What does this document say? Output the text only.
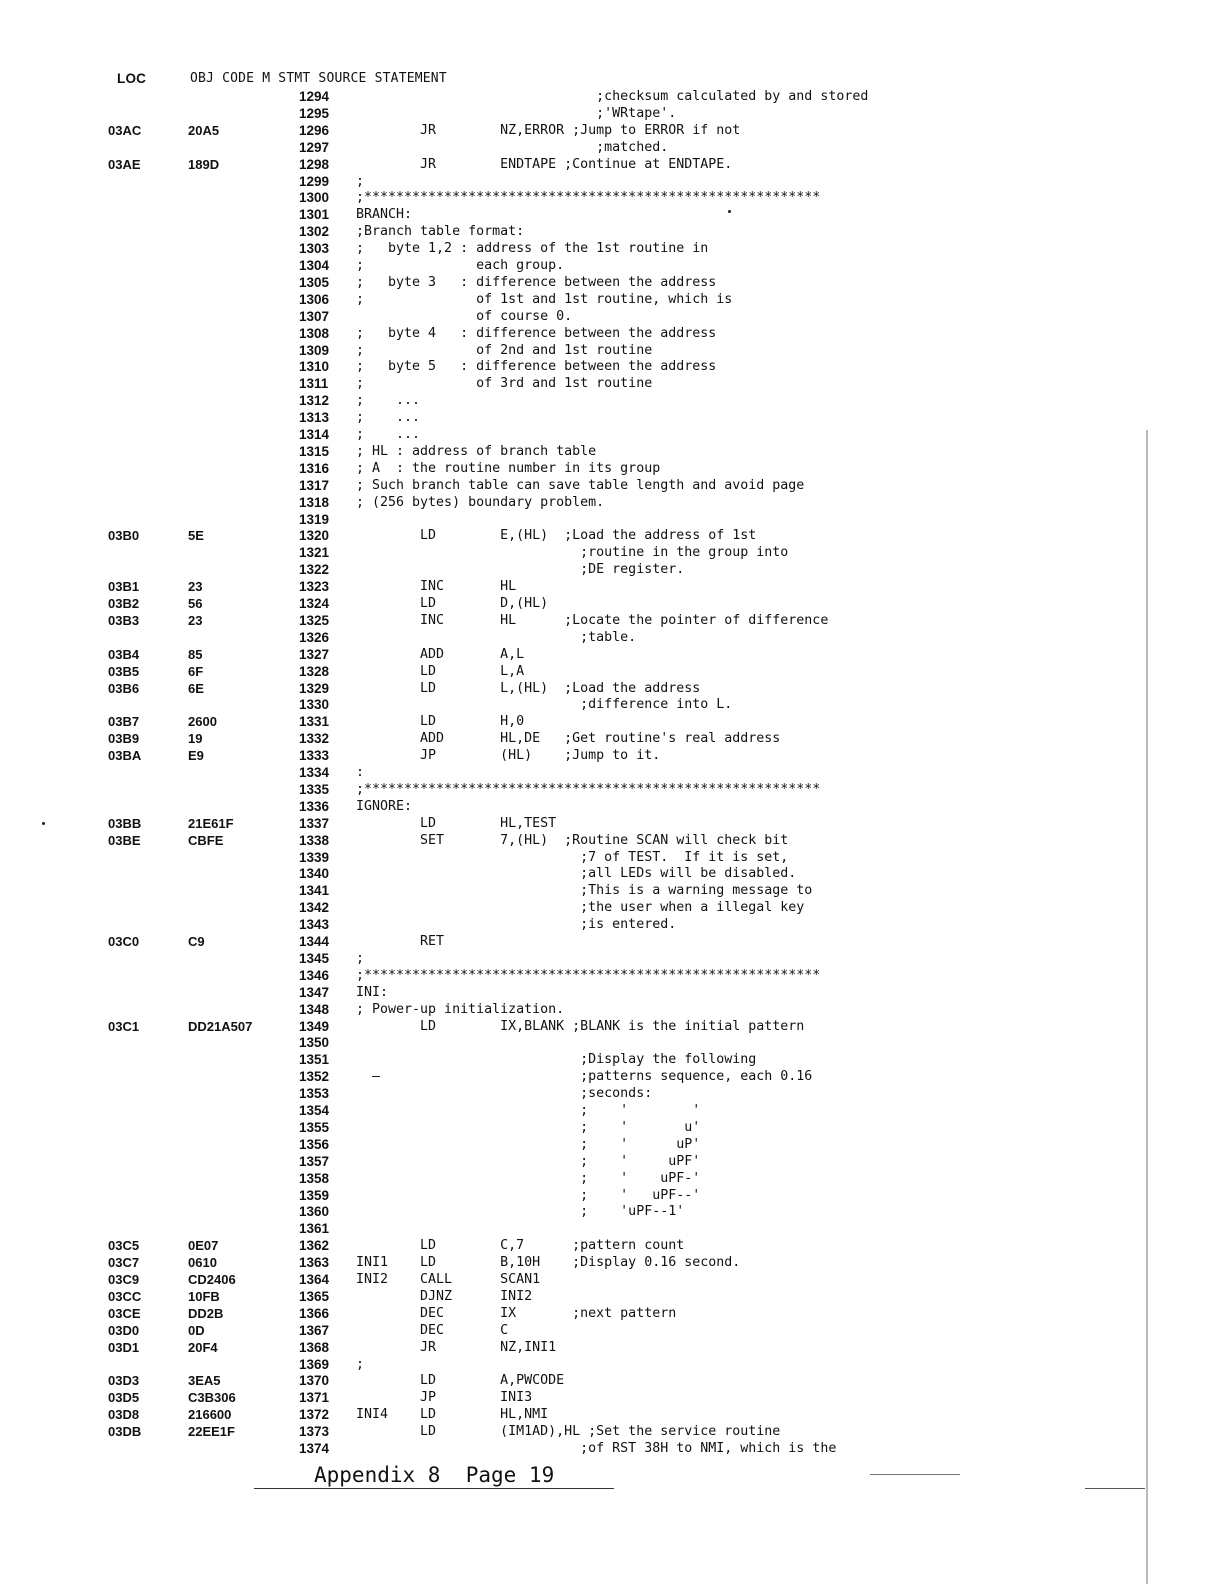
LOC	OBJ CODE M STMT SOURCE STATEMENT
1294 ;checksum calculated by and stored
1295 ;'WRtape'.
03AC	20A5	1296 JR        NZ,ERROR ;Jump to ERROR if not
1297 ;matched.
03AE	189D	1298 JR        ENDTAPE ;Continue at ENDTAPE.
1299 ;
1300 ;*********************************************************
1301 BRANCH:
1302 ;Branch table format:
1303 ;   byte 1,2 : address of the 1st routine in
1304 ;              each group.
1305 ;   byte 3   : difference between the address
1306 ;              of 1st and 1st routine, which is
1307 of course 0.
1308 ;   byte 4   : difference between the address
1309 ;              of 2nd and 1st routine
1310 ;   byte 5   : difference between the address
1311 ;              of 3rd and 1st routine
1312 ;    ...
1313 ;    ...
1314 ;    ...
1315 ; HL : address of branch table
1316 ; A  : the routine number in its group
1317 ; Such branch table can save table length and avoid page
1318 ; (256 bytes) boundary problem.
1319
03B0	5E	1320 LD        E,(HL)  ;Load the address of 1st
1321 ;routine in the group into
1322 ;DE register.
03B1	23	1323 INC       HL
03B2	56	1324 LD        D,(HL)
03B3	23	1325 INC       HL      ;Locate the pointer of difference
1326 ;table.
03B4	85	1327 ADD       A,L
03B5	6F	1328 LD        L,A
03B6	6E	1329 LD        L,(HL)  ;Load the address
1330 ;difference into L.
03B7	2600	1331 LD        H,0
03B9	19	1332 ADD       HL,DE   ;Get routine's real address
03BA	E9	1333 JP        (HL)    ;Jump to it.
1334 :
1335 ;*********************************************************
1336 IGNORE:
03BB	21E61F	1337 LD        HL,TEST
03BE	CBFE	1338 SET       7,(HL)  ;Routine SCAN will check bit
1339 ;7 of TEST.  If it is set,
1340 ;all LEDs will be disabled.
1341 ;This is a warning message to
1342 ;the user when a illegal key
1343 ;is entered.
03C0	C9	1344 RET
1345 ;
1346 ;*********************************************************
1347 INI:
1348 ; Power-up initialization.
03C1	DD21A507	1349 LD        IX,BLANK ;BLANK is the initial pattern
1350
1351 ;Display the following
1352 —                         ;patterns sequence, each 0.16
1353 ;seconds:
1354 ;    '        '
1355 ;    '       u'
1356 ;    '      uP'
1357 ;    '     uPF'
1358 ;    '    uPF-'
1359 ;    '   uPF--'
1360 ;    'uPF--1'
1361
03C5	0E07	1362 LD        C,7      ;pattern count
03C7	0610	1363 INI1    LD        B,10H    ;Display 0.16 second.
03C9	CD2406	1364 INI2    CALL      SCAN1
03CC	10FB	1365 DJNZ      INI2
03CE	DD2B	1366 DEC       IX       ;next pattern
03D0	0D	1367 DEC       C
03D1	20F4	1368 JR        NZ,INI1
1369 ;
03D3	3EA5	1370 LD        A,PWCODE
03D5	C3B306	1371 JP        INI3
03D8	216600	1372 INI4    LD        HL,NMI
03DB	22EE1F	1373 LD        (IM1AD),HL ;Set the service routine
1374 ;of RST 38H to NMI, which is the
Appendix 8  Page 19
